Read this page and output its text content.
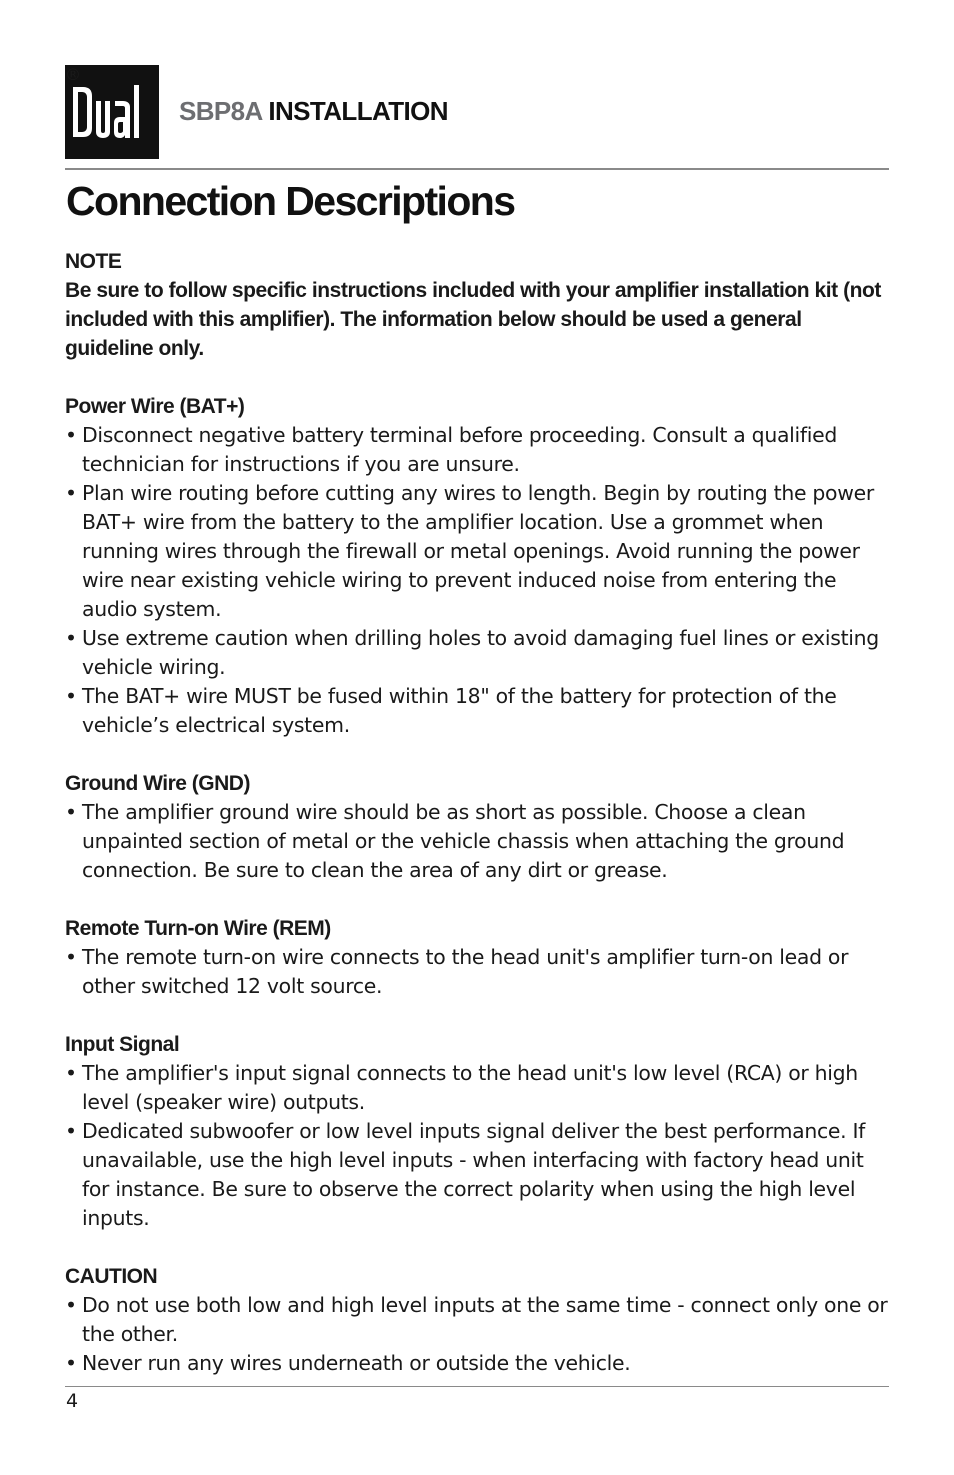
®
SBP8A INSTALLATION
Connection Descriptions
NOTE
Be sure to follow specific instructions included with your amplifier installation kit (not included with this amplifier). The information below should be used a general guideline only.
Power Wire (BAT+)
• Disconnect negative battery terminal before proceeding. Consult a qualified technician for instructions if you are unsure.
• Plan wire routing before cutting any wires to length. Begin by routing the power BAT+ wire from the battery to the amplifier location. Use a grommet when running wires through the firewall or metal openings. Avoid running the power wire near existing vehicle wiring to prevent induced noise from entering the audio system.
• Use extreme caution when drilling holes to avoid damaging fuel lines or existing vehicle wiring.
• The BAT+ wire MUST be fused within 18" of the battery for protection of the vehicle’s electrical system.
Ground Wire (GND)
• The amplifier ground wire should be as short as possible. Choose a clean unpainted section of metal or the vehicle chassis when attaching the ground connection. Be sure to clean the area of any dirt or grease.
Remote Turn-on Wire (REM)
• The remote turn-on wire connects to the head unit's amplifier turn-on lead or other switched 12 volt source.
Input Signal
• The amplifier's input signal connects to the head unit's low level (RCA) or high level (speaker wire) outputs.
• Dedicated subwoofer or low level inputs signal deliver the best performance. If unavailable, use the high level inputs - when interfacing with factory head unit for instance. Be sure to observe the correct polarity when using the high level inputs.
CAUTION
• Do not use both low and high level inputs at the same time - connect only one or the other.
• Never run any wires underneath or outside the vehicle.
4
